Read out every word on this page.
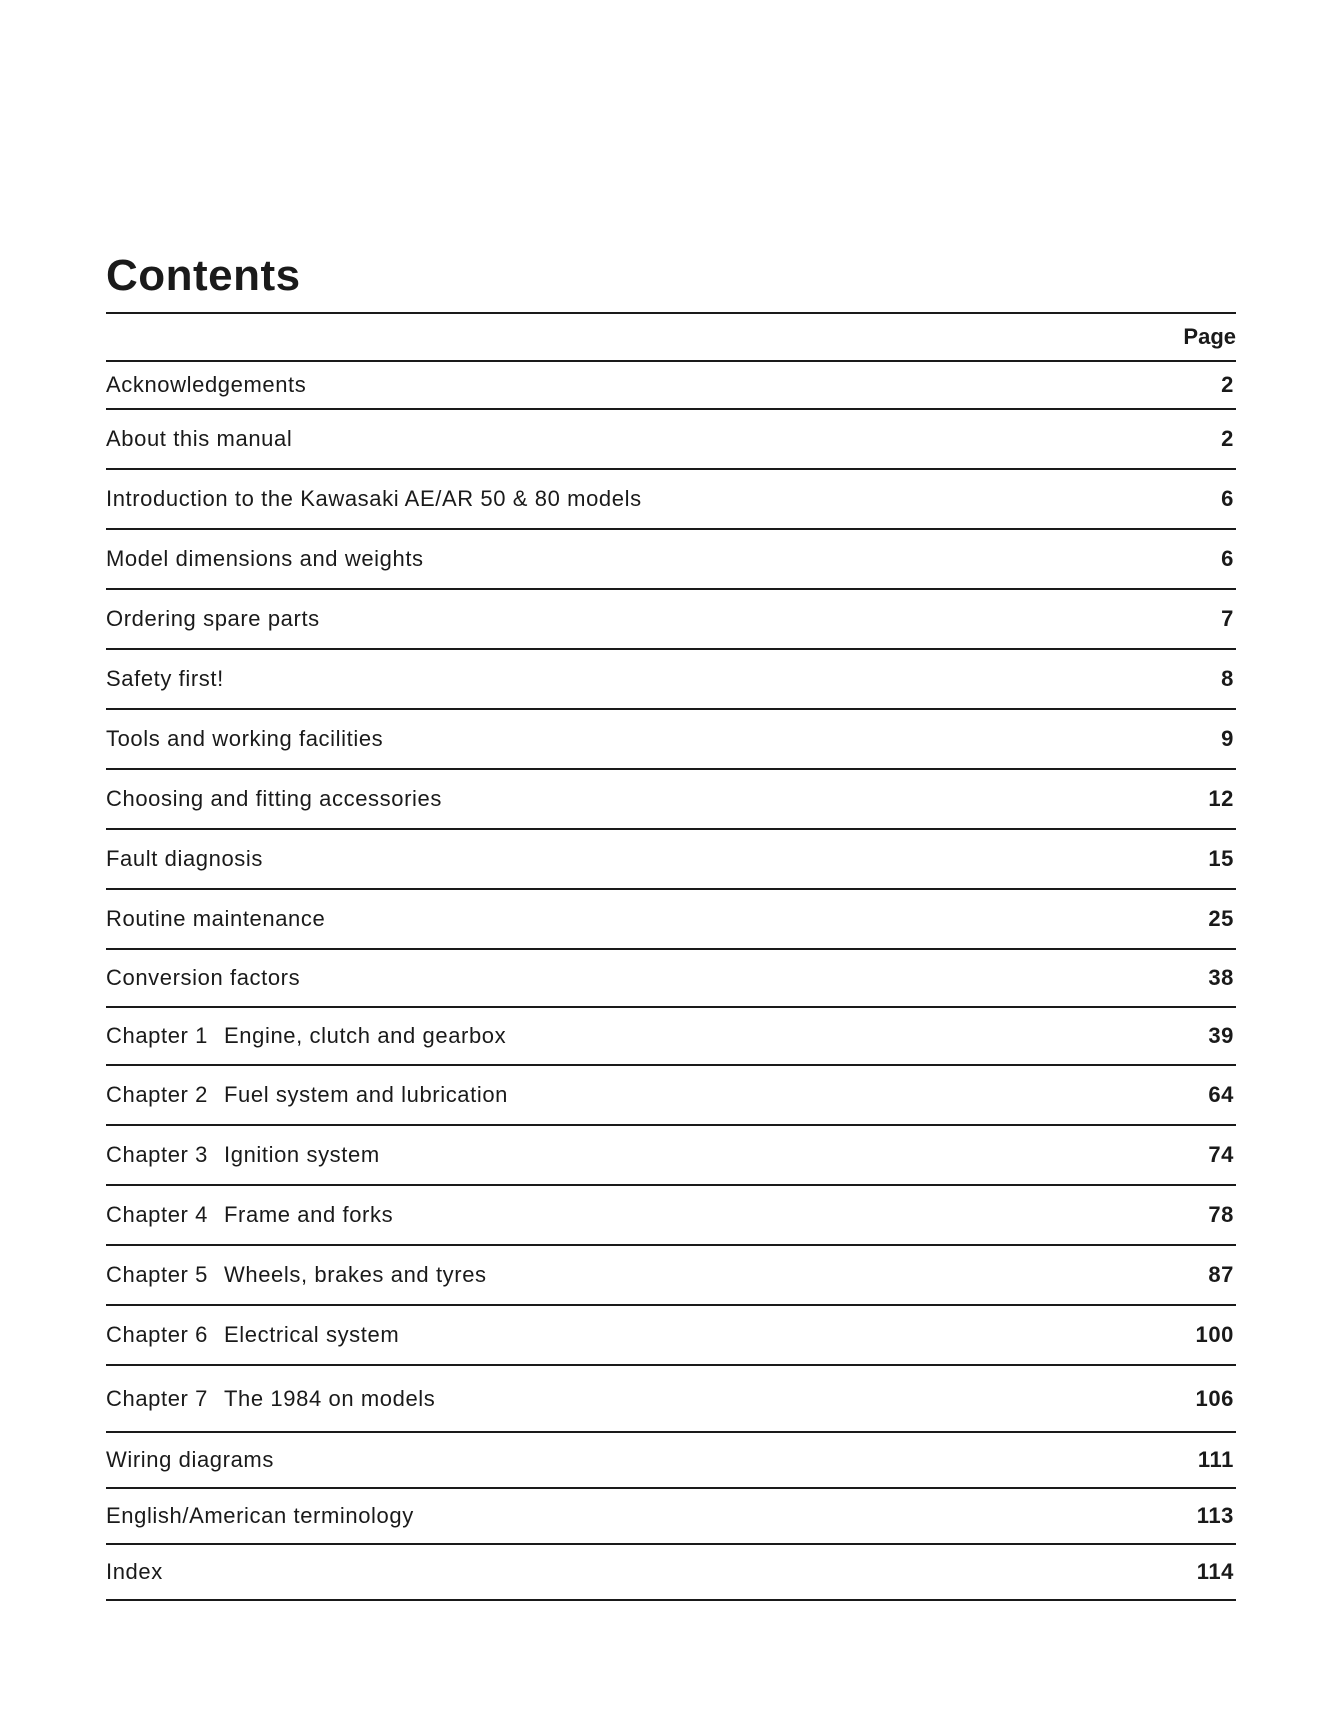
Contents
Page
Acknowledgements	2
About this manual	2
Introduction to the Kawasaki AE/AR 50 & 80 models	6
Model dimensions and weights	6
Ordering spare parts	7
Safety first!	8
Tools and working facilities	9
Choosing and fitting accessories	12
Fault diagnosis	15
Routine maintenance	25
Conversion factors	38
Chapter 1 Engine, clutch and gearbox	39
Chapter 2 Fuel system and lubrication	64
Chapter 3 Ignition system	74
Chapter 4 Frame and forks	78
Chapter 5 Wheels, brakes and tyres	87
Chapter 6 Electrical system	100
Chapter 7 The 1984 on models	106
Wiring diagrams	111
English/American terminology	113
Index	114
